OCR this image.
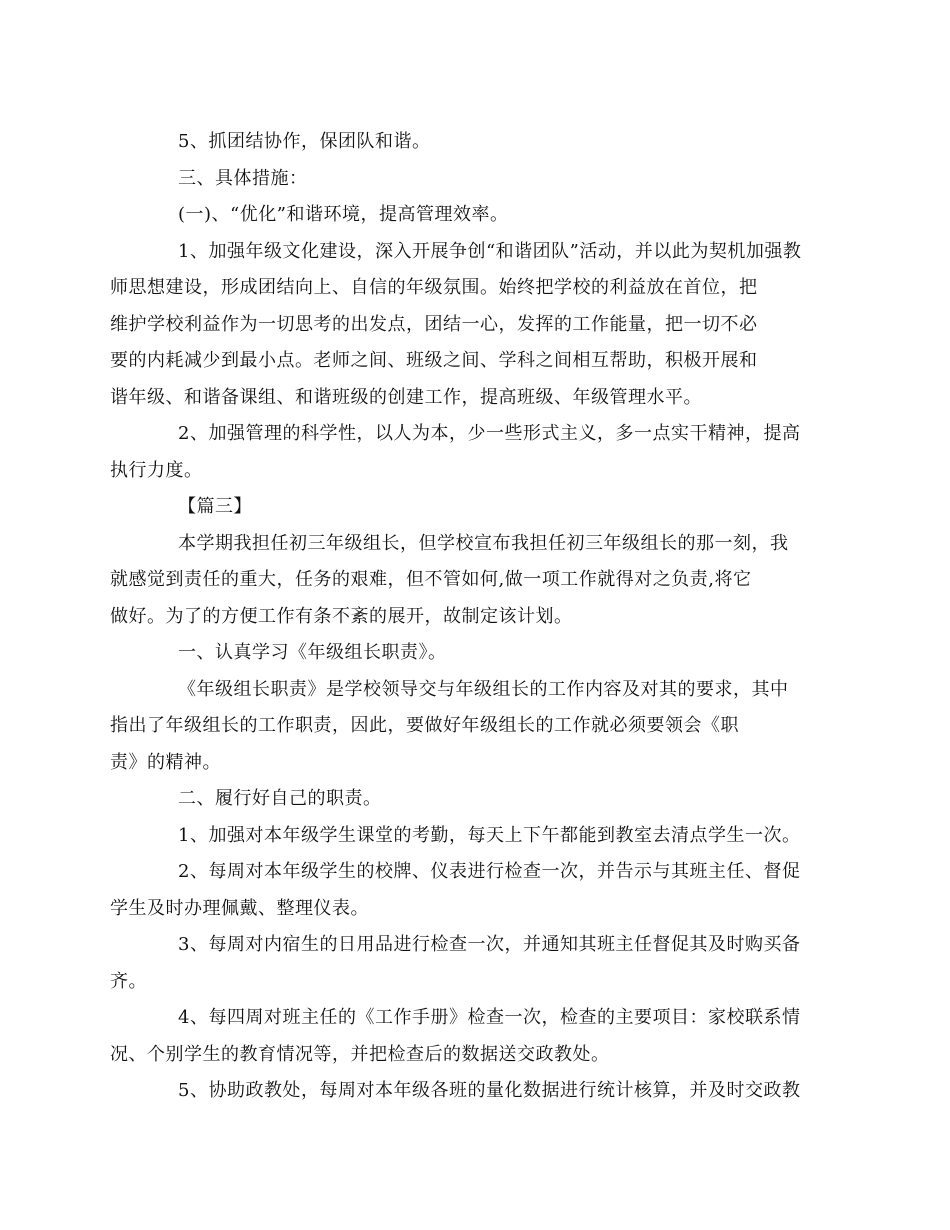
5、抓团结协作，保团队和谐。
三、具体措施：
(一)、“优化”和谐环境，提高管理效率。
1、加强年级文化建设，深入开展争创“和谐团队”活动，并以此为契机加强教
师思想建设，形成团结向上、自信的年级氛围。始终把学校的利益放在首位，把
维护学校利益作为一切思考的出发点，团结一心，发挥的工作能量，把一切不必
要的内耗减少到最小点。老师之间、班级之间、学科之间相互帮助，积极开展和
谐年级、和谐备课组、和谐班级的创建工作，提高班级、年级管理水平。
2、加强管理的科学性，以人为本，少一些形式主义，多一点实干精神，提高
执行力度。
【篇三】
本学期我担任初三年级组长，但学校宣布我担任初三年级组长的那一刻，我
就感觉到责任的重大，任务的艰难，但不管如何,做一项工作就得对之负责,将它
做好。为了的方便工作有条不紊的展开，故制定该计划。
一、认真学习《年级组长职责》。
《年级组长职责》是学校领导交与年级组长的工作内容及对其的要求，其中
指出了年级组长的工作职责，因此，要做好年级组长的工作就必须要领会《职
责》的精神。
二、履行好自己的职责。
1、加强对本年级学生课堂的考勤，每天上下午都能到教室去清点学生一次。
2、每周对本年级学生的校牌、仪表进行检查一次，并告示与其班主任、督促
学生及时办理佩戴、整理仪表。
3、每周对内宿生的日用品进行检查一次，并通知其班主任督促其及时购买备
齐。
4、每四周对班主任的《工作手册》检查一次，检查的主要项目：家校联系情
况、个别学生的教育情况等，并把检查后的数据送交政教处。
5、协助政教处，每周对本年级各班的量化数据进行统计核算，并及时交政教
